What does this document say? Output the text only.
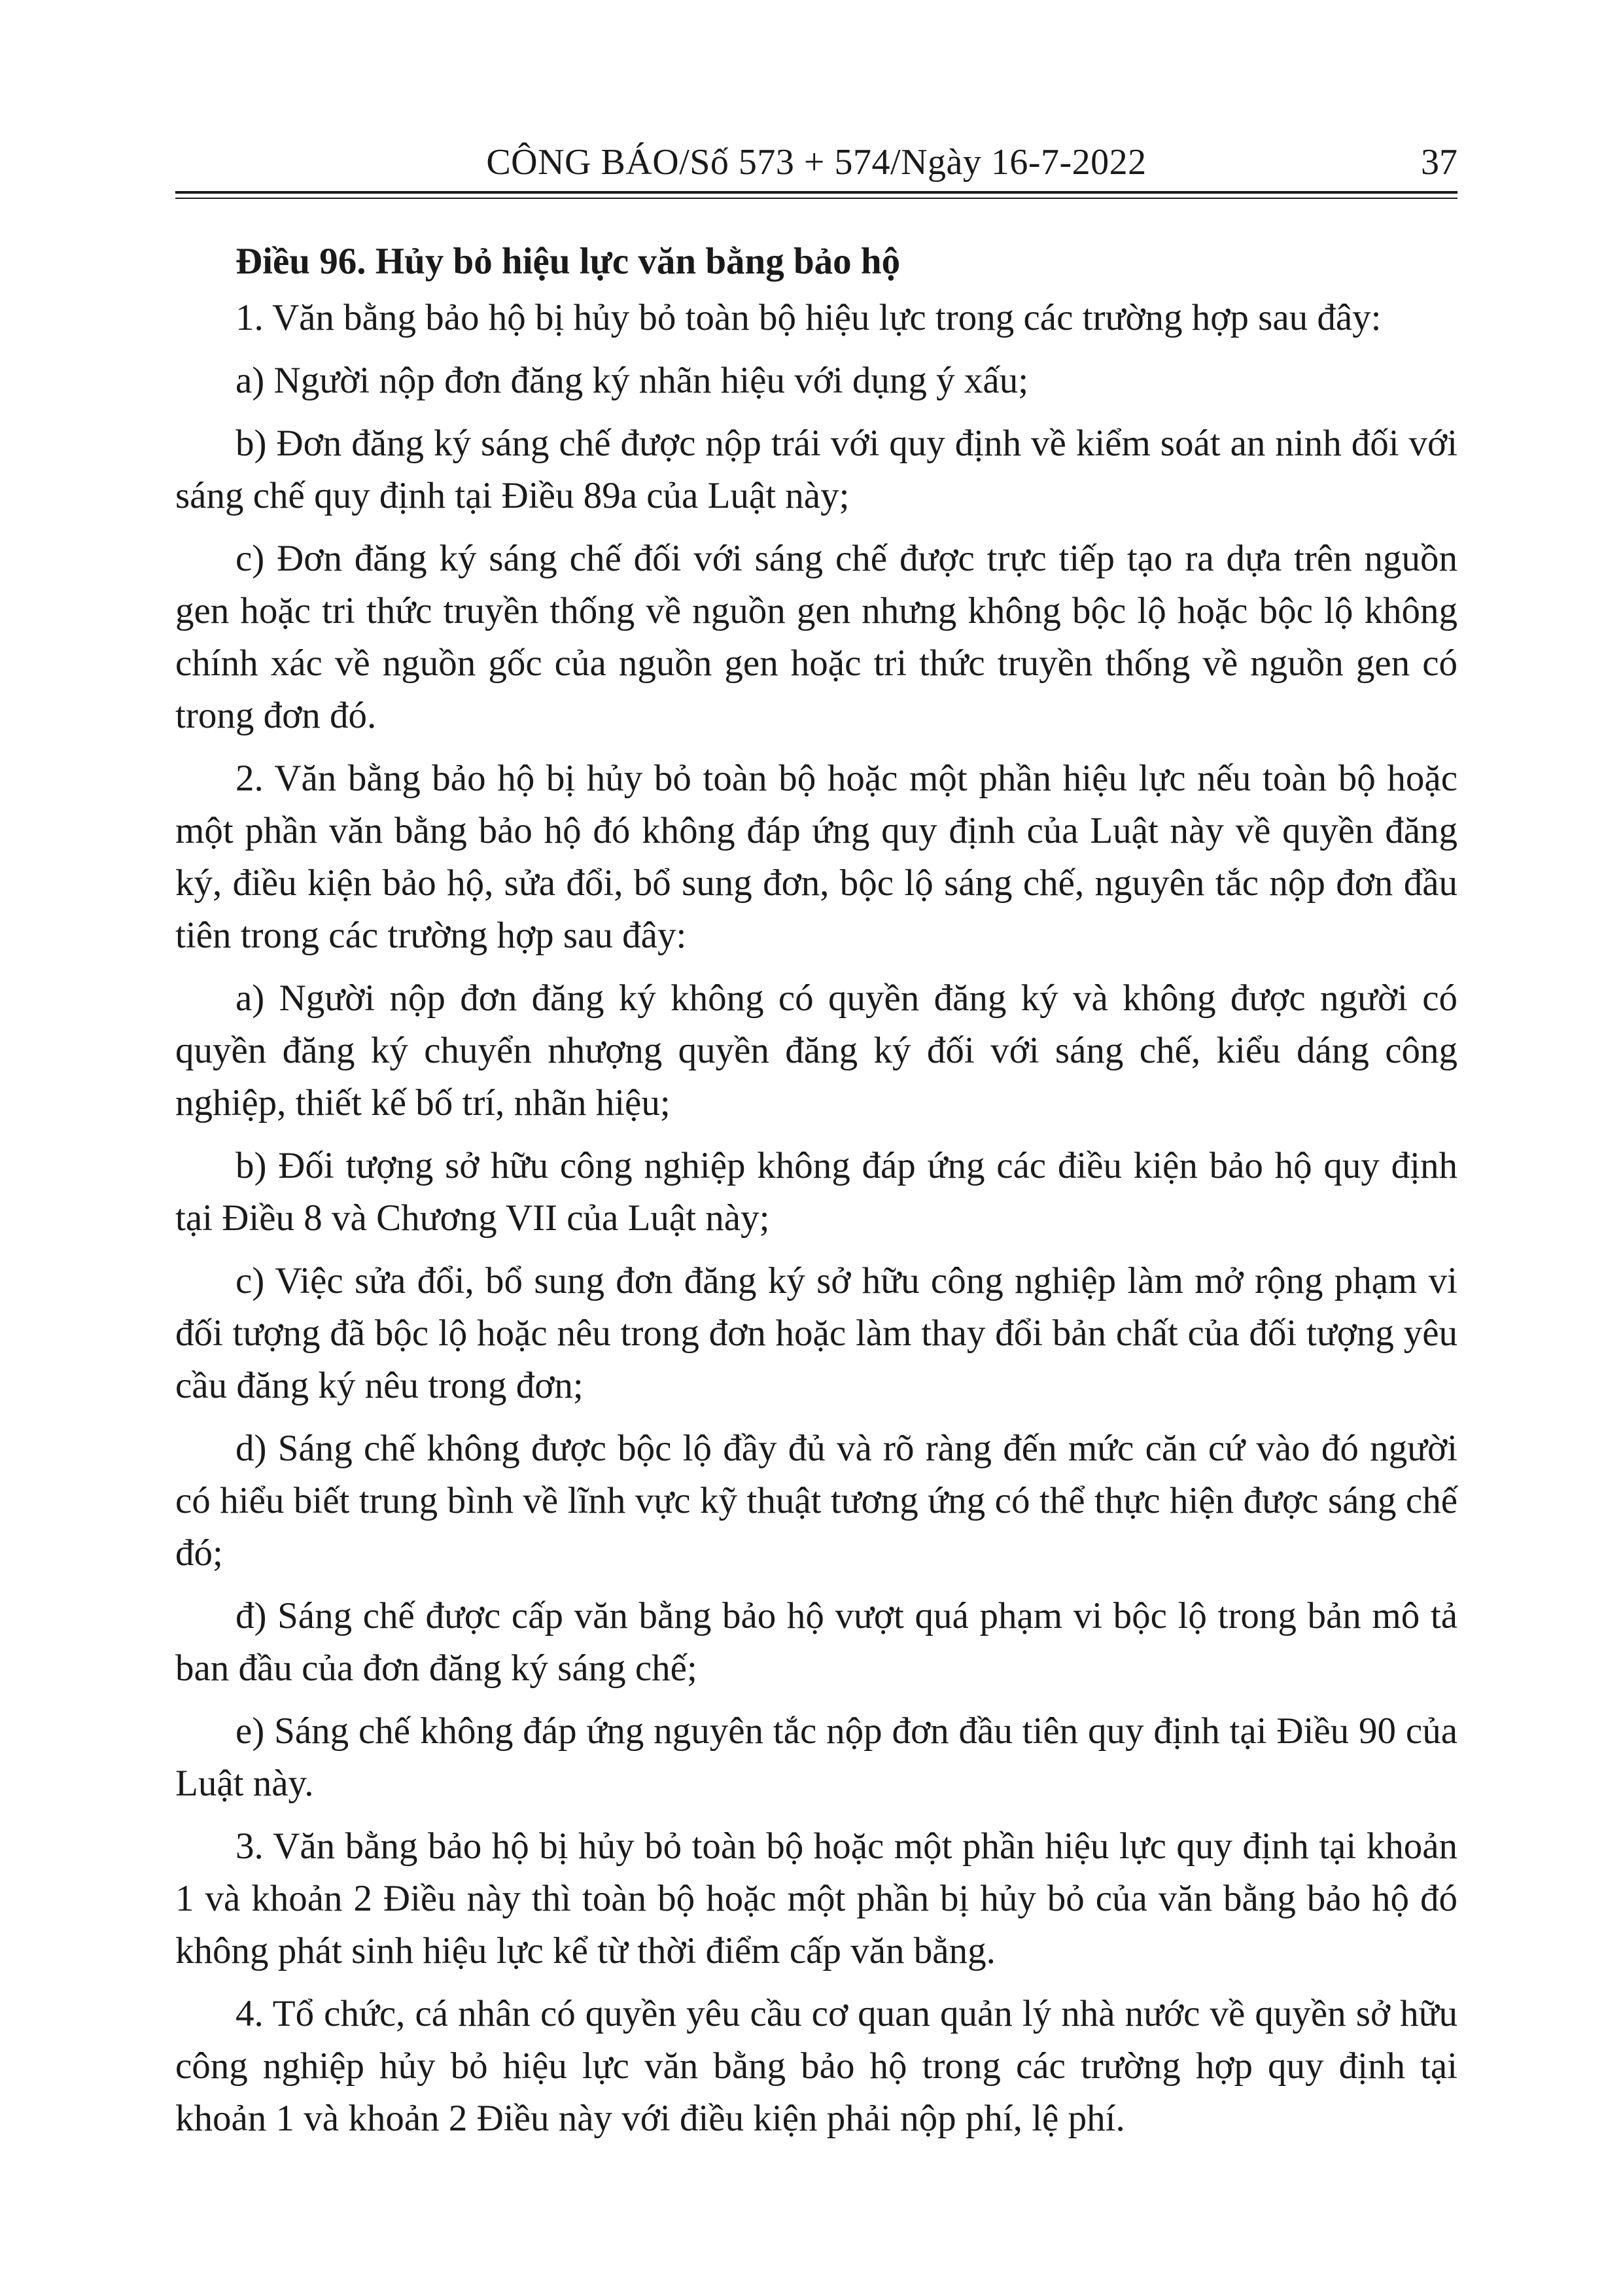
CÔNG BÁO/Số 573 + 574/Ngày 16-7-2022	37
Điều 96. Hủy bỏ hiệu lực văn bằng bảo hộ

1. Văn bằng bảo hộ bị hủy bỏ toàn bộ hiệu lực trong các trường hợp sau đây:

a) Người nộp đơn đăng ký nhãn hiệu với dụng ý xấu;

b) Đơn đăng ký sáng chế được nộp trái với quy định về kiểm soát an ninh đối với sáng chế quy định tại Điều 89a của Luật này;

c) Đơn đăng ký sáng chế đối với sáng chế được trực tiếp tạo ra dựa trên nguồn gen hoặc tri thức truyền thống về nguồn gen nhưng không bộc lộ hoặc bộc lộ không chính xác về nguồn gốc của nguồn gen hoặc tri thức truyền thống về nguồn gen có trong đơn đó.

2. Văn bằng bảo hộ bị hủy bỏ toàn bộ hoặc một phần hiệu lực nếu toàn bộ hoặc một phần văn bằng bảo hộ đó không đáp ứng quy định của Luật này về quyền đăng ký, điều kiện bảo hộ, sửa đổi, bổ sung đơn, bộc lộ sáng chế, nguyên tắc nộp đơn đầu tiên trong các trường hợp sau đây:

a) Người nộp đơn đăng ký không có quyền đăng ký và không được người có quyền đăng ký chuyển nhượng quyền đăng ký đối với sáng chế, kiểu dáng công nghiệp, thiết kế bố trí, nhãn hiệu;

b) Đối tượng sở hữu công nghiệp không đáp ứng các điều kiện bảo hộ quy định tại Điều 8 và Chương VII của Luật này;

c) Việc sửa đổi, bổ sung đơn đăng ký sở hữu công nghiệp làm mở rộng phạm vi đối tượng đã bộc lộ hoặc nêu trong đơn hoặc làm thay đổi bản chất của đối tượng yêu cầu đăng ký nêu trong đơn;

d) Sáng chế không được bộc lộ đầy đủ và rõ ràng đến mức căn cứ vào đó người có hiểu biết trung bình về lĩnh vực kỹ thuật tương ứng có thể thực hiện được sáng chế đó;

đ) Sáng chế được cấp văn bằng bảo hộ vượt quá phạm vi bộc lộ trong bản mô tả ban đầu của đơn đăng ký sáng chế;

e) Sáng chế không đáp ứng nguyên tắc nộp đơn đầu tiên quy định tại Điều 90 của Luật này.

3. Văn bằng bảo hộ bị hủy bỏ toàn bộ hoặc một phần hiệu lực quy định tại khoản 1 và khoản 2 Điều này thì toàn bộ hoặc một phần bị hủy bỏ của văn bằng bảo hộ đó không phát sinh hiệu lực kể từ thời điểm cấp văn bằng.

4. Tổ chức, cá nhân có quyền yêu cầu cơ quan quản lý nhà nước về quyền sở hữu công nghiệp hủy bỏ hiệu lực văn bằng bảo hộ trong các trường hợp quy định tại khoản 1 và khoản 2 Điều này với điều kiện phải nộp phí, lệ phí.
